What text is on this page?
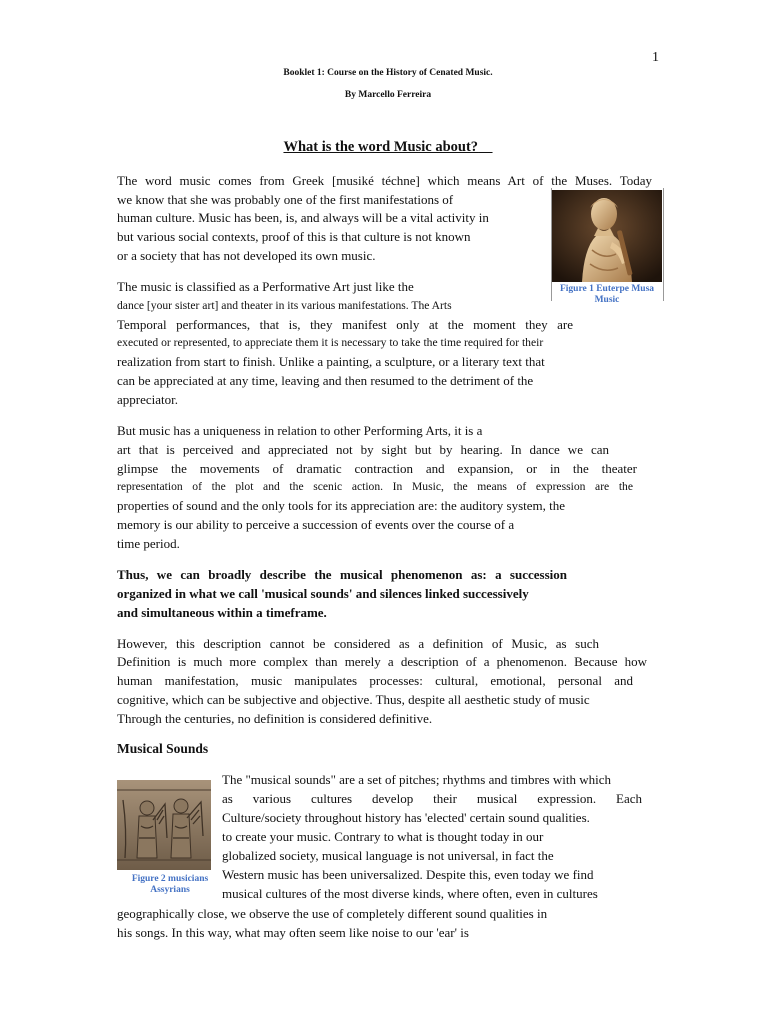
1
Booklet 1: Course on the History of Cenated Music.
By Marcello Ferreira
What is the word Music about?
The word music comes from Greek [musiké téchne] which means Art of the Muses. Today
we know that she was probably one of the first manifestations of
human culture. Music has been, is, and always will be a vital activity in
but various social contexts, proof of this is that culture is not known
or a society that has not developed its own music.
Figure 1 Euterpe Musa
Music
The music is classified as a Performative Art just like the
dance [your sister art] and theater in its various manifestations. The Arts
Temporal performances, that is, they manifest only at the moment they are
executed or represented, to appreciate them it is necessary to take the time required for their
realization from start to finish. Unlike a painting, a sculpture, or a literary text that
can be appreciated at any time, leaving and then resumed to the detriment of the
appreciator.
But music has a uniqueness in relation to other Performing Arts, it is a
art that is perceived and appreciated not by sight but by hearing. In dance we can
glimpse the movements of dramatic contraction and expansion, or in the theater
representation of the plot and the scenic action. In Music, the means of expression are the
properties of sound and the only tools for its appreciation are: the auditory system, the
memory is our ability to perceive a succession of events over the course of a
time period.
Thus, we can broadly describe the musical phenomenon as: a succession
organized in what we call 'musical sounds' and silences linked successively
and simultaneous within a timeframe.
However, this description cannot be considered as a definition of Music, as such
Definition is much more complex than merely a description of a phenomenon. Because how
human manifestation, music manipulates processes: cultural, emotional, personal and
cognitive, which can be subjective and objective. Thus, despite all aesthetic study of music
Through the centuries, no definition is considered definitive.
Musical Sounds
Figure 2 musicians
Assyrians
The "musical sounds" are a set of pitches; rhythms and timbres with which
as various cultures develop their musical expression. Each
Culture/society throughout history has 'elected' certain sound qualities.
to create your music. Contrary to what is thought today in our
globalized society, musical language is not universal, in fact the
Western music has been universalized. Despite this, even today we find
musical cultures of the most diverse kinds, where often, even in cultures
geographically close, we observe the use of completely different sound qualities in
his songs. In this way, what may often seem like noise to our 'ear' is
